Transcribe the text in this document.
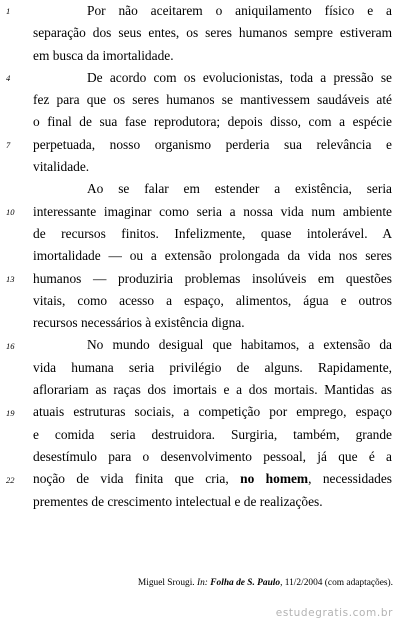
1
4
7
10
13
16
19
22
Por não aceitarem o aniquilamento físico e a
separação dos seus entes, os seres humanos sempre estiveram
em busca da imortalidade.
De acordo com os evolucionistas, toda a pressão se
fez para que os seres humanos se mantivessem saudáveis até
o final de sua fase reprodutora; depois disso, com a espécie
perpetuada, nosso organismo perderia sua relevância e
vitalidade.
Ao se falar em estender a existência, seria
interessante imaginar como seria a nossa vida num ambiente
de recursos finitos. Infelizmente, quase intolerável. A
imortalidade — ou a extensão prolongada da vida nos seres
humanos — produziria problemas insolúveis em questões
vitais, como acesso a espaço, alimentos, água e outros
recursos necessários à existência digna.
No mundo desigual que habitamos, a extensão da
vida humana seria privilégio de alguns. Rapidamente,
aflorariam as raças dos imortais e a dos mortais. Mantidas as
atuais estruturas sociais, a competição por emprego, espaço
e comida seria destruidora. Surgiria, também, grande
desestímulo para o desenvolvimento pessoal, já que é a
noção de vida finita que cria, no homem, necessidades
prementes de crescimento intelectual e de realizações.
Miguel Srougi. In: Folha de S. Paulo, 11/2/2004 (com adaptações).
estudegratis.com.br
